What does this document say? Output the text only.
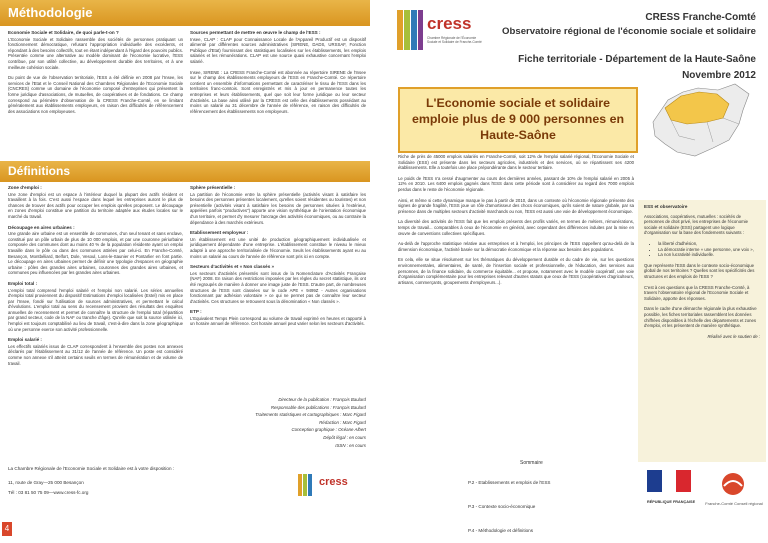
Méthodologie
Economie Sociale et Solidaire, de quoi parle-t-on ?

L'Economie Sociale et Solidaire rassemble des sociétés de personnes pratiquant un fonctionnement démocratique, refusant l'appropriation individuelle des excédents, et répondant à des besoins collectifs, tout en étant indépendant à l'égard des pouvoirs publics. Présentée comme une alternative au modèle dominant de l'économie lucrative, l'ESS contribue, par son utilité collective, au développement durable des territoires, et à une meilleure cohésion sociale.

Du point de vue de l'observation territoriale, l'ESS a été définie en 2008 par l'Insee, les services de l'Etat et le Conseil National des Chambres Régionales de l'Economie Sociale (CNCRES) comme un domaine de l'économie composé d'entreprises qui présentent la forme juridique d'associations, de mutuelles, de coopératives et de fondations. Ce champ correspond au périmètre d'observation de la CRESS Franche-Comté, en se limitant généralement aux établissements employeurs, en raison des difficultés de référencement des associations non employeuses.

Sources permettant de mettre en œuvre le champ de l'ESS :

Insee, CLAP : CLAP pour Connaissance Locale de l'Appareil Productif est un dispositif alimenté par différentes sources administratives (SIRENE, DADS, URSSAF, Fonction Publique d'Etat) fournissant des statistiques localisées sur les établissements, les emplois salariés et les rémunérations. CLAP est une source quasi exhaustive concernant l'emploi salarié.

Insee, SIRENE : La CRESS Franche-Comté est abonnée au répertoire SIRENE de l'Insee sur le champ des établissements employeurs de l'ESS en Franche-Comté. Ce répertoire contient un ensemble d'informations permettant de caractériser le tissu de l'ESS dans les territoires franc-comtois. Sont enregistrés et mis à jour en permanence toutes les entreprises et leurs établissements, quel que soit leur forme juridique ou leur secteur d'activités. La base ainsi utilisé par la CRESS est celle des établissements possédant au moins un salarié au 31 décembre de l'année de référence, en raison des difficultés de référencement des établissements non employeurs.

Définitions
Zone d'emploi :

Une zone d'emploi est un espace à l'intérieur duquel la plupart des actifs résident et travaillent à la fois. C'est aussi l'espace dans lequel les entreprises auront le plus de chances de trouver des actifs pour occuper les emplois qu'elles proposent. Le découpage en zones d'emploi constitue une partition du territoire adaptée aux études locales sur le marché du travail.

Découpage en aires urbaines :

Une grande aire urbaine est un ensemble de communes, d'un seul tenant et sans enclave, constitué par un pôle urbain de plus de 10 000 emplois, et par une couronne périurbaine composée des communes dont au moins 40 % de la population résidente ayant un emploi travaille dans le pôle ou dans des communes attirées par celui-ci. En Franche-Comté, Besançon, Montbéliard, Belfort, Dole, Vesoul, Lons-le-Saunier et Pontarlier en font partie. Le découpage en aires urbaines permet de définir une typologie d'espaces en géographie urbaine : pôles des grandes aires urbaines, couronnes des grandes aires urbaines, et communes peu influencées par les grandes aires urbaines.

Emploi total :

L'emploi total comprend l'emploi salarié et l'emploi non salarié. Les séries annuelles d'emploi total proviennent du dispositif Estimations d'emploi localisées (Estel) mis en place par l'Insee, fondé sur l'utilisation de sources administratives, et permettant le calcul d'évolutions. L'emploi total au sens du recensement provient des résultats des enquêtes annuelles de recensement et permet de connaître la structure de l'emploi total (répartition par grand secteur, code de la NAF ou tranche d'âge). Qu'elle que soit la source utilisée ici, l'emploi est toujours comptabilisé au lieu de travail, c'est-à-dire dans la zone géographique où une personne exerce son activité professionnelle.

Emploi salarié :

Les effectifs salariés issus de CLAP correspondent à l'ensemble des postes non annexes déclarés par l'établissement au 31/12 de l'année de référence. Un poste est considéré comme non annexe s'il atteint certains seuils en termes de rémunération et de volume de travail.

Sphère présentielle :

La partition de l'économie entre la sphère présentielle (activités visant à satisfaire les besoins des personnes présentes localement, qu'elles soient résidentes ou touristes) et non présentielle (activités visant à satisfaire les besoins de personnes situées à l'extérieur, appelées parfois "productives") apporte une vision synthétique de l'orientation économique d'un territoire, et permet d'y mesurer l'ancrage des activités économiques, ou au contraire la dépendance à des marchés extérieurs.

Etablissement employeur :

Un établissement est une unité de production géographiquement individualisée et juridiquement dépendante d'une entreprise. L'établissement constitue le niveau le mieux adapté à une approche territorialisée de l'économie. Seuls les établissements ayant eu au moins un salarié au cours de l'année de référence sont pris ici en compte.

Secteurs d'activités et « Non classés »

Les secteurs d'activités présentés sont issus de la Nomenclature d'Activités Française (NAF) 2008. En raison des restrictions imposées par les règles du secret statistique, ils ont été regroupés de manière à donner une image juste de l'ESS. D'autre part, de nombreuses structures de l'ESS sont classées sur le code APE « 9499Z - Autres organisations fonctionnant par adhésion volontaire » ce qui ne permet pas de connaître leur secteur d'activités. Ces structures se retrouvent sous la dénomination « Non classés ».

ETP :

L'Equivalent Temps Plein correspond au volume de travail exprimé en heures et rapporté à un horaire annuel de référence. Cet horaire annuel peut varier selon les secteurs d'activités.

Directeur de la publication : François Baulard
Responsable des publications : François Baulard
Traitements statistiques et cartographiques : Marc Figard
Rédaction : Marc Figard
Conception graphique : Océane Albert
Dépôt légal : en cours
ISSN : en cours
La Chambre Régionale de l'Economie Sociale et Solidaire est à votre disposition :
11, route de Gray—25 000 Besançon
Tél : 03 81 50 75 09—www.cress-fc.org
cress
4
cress
Chambre Régionale de l'Économie Sociale et Solidaire de Franche-Comté
CRESS Franche-Comté
Observatoire régional de l'économie sociale et solidaire
Fiche territoriale - Département de la Haute-Saône
Novembre 2012
L'Economie sociale et solidaire emploie plus de 9 000 personnes en Haute-Saône

Riche de près de 45000 emplois salariés en Franche-Comté, soit 12% de l'emploi salarié régional, l'Economie Sociale et Solidaire (ESS) est présente dans les secteurs agricoles, industriels et des services, où se répartissent ses 4200 établissements. Elle a toutefois une place prépondérante dans le secteur tertiaire.

Le poids de l'ESS n'a cessé d'augmenter au cours des dernières années, passant de 10% de l'emploi salarié en 2005 à 12% en 2010. Les 6400 emplois gagnés dans l'ESS dans cette période sont à considérer au regard des 7000 emplois perdus dans le reste de l'économie régionale.

Ainsi, et même si cette dynamique marque le pas à partir de 2010, dans un contexte où l'économie régionale présente des signes de grande fragilité, l'ESS joue un rôle d'amortisseur des chocs économiques, qu'ils soient de nature globale, par sa présence dans de multiples secteurs d'activité marchands ou non, l'ESS est aussi une voie de développement économique.

La diversité des activités de l'ESS fait que les emplois présents des profils variés, en termes de métiers, rémunérations, temps de travail... comparables à ceux de l'économie en général, avec cependant des différences induites par la mise en œuvre de conventions collectives spécifiques.

Au-delà de l'approche statistique relative aux entreprises et à l'emploi, les principes de l'ESS rappellent qu'au-delà de la dimension économique, l'activité basée sur la démocratie économique et la réponse aux besoins des populations.

En cela, elle se situe résolument sur les thématiques du développement durable et du cadre de vie, sur les questions environnementales, alimentaires, de santé, de l'insertion sociale et professionnelle, de l'éducation, des services aux personnes, de la finance solidaire, du commerce équitable... et propose, notamment avec le modèle coopératif, une voie d'organisation complémentaire pour les entreprises relevant d'autres statuts que ceux de l'ESS (coopératives d'agriculteurs, artisans, commerçants, groupements d'employeurs...).

ESS et observatoire

Associations, coopératives, mutuelles : sociétés de personnes de droit privé, les entreprises de l'économie sociale et solidaire (ESS) partagent une logique d'organisation sur la base des fondements suivants :

• la liberté d'adhésion,
• La démocratie interne « une personne, une voix »,
• La non lucrativité individuelle.

Que représente l'ESS dans le contexte socio-économique global de nos territoires ? Quelles sont les spécificités des structures et des emplois de l'ESS ?

C'est à ces questions que la CRESS Franche-Comté, à travers l'observatoire régional de l'Economie Sociale et Solidaire, apporte des réponses.

Dans le cadre d'une démarche régionale la plus exhaustive possible, les fiches territoriales rassemblent les données chiffrées disponibles à l'échelle des départements et zones d'emploi, et les présentent de manière synthétique.

Réalisé avec le soutien de :

RÉPUBLIQUE FRANÇAISE	Franche-Comté Conseil régional
Sommaire
P.2 - Etablissements et emplois de l'ESS
P.3 - Contexte socio-économique
P.4 - Méthodologie et définitions
